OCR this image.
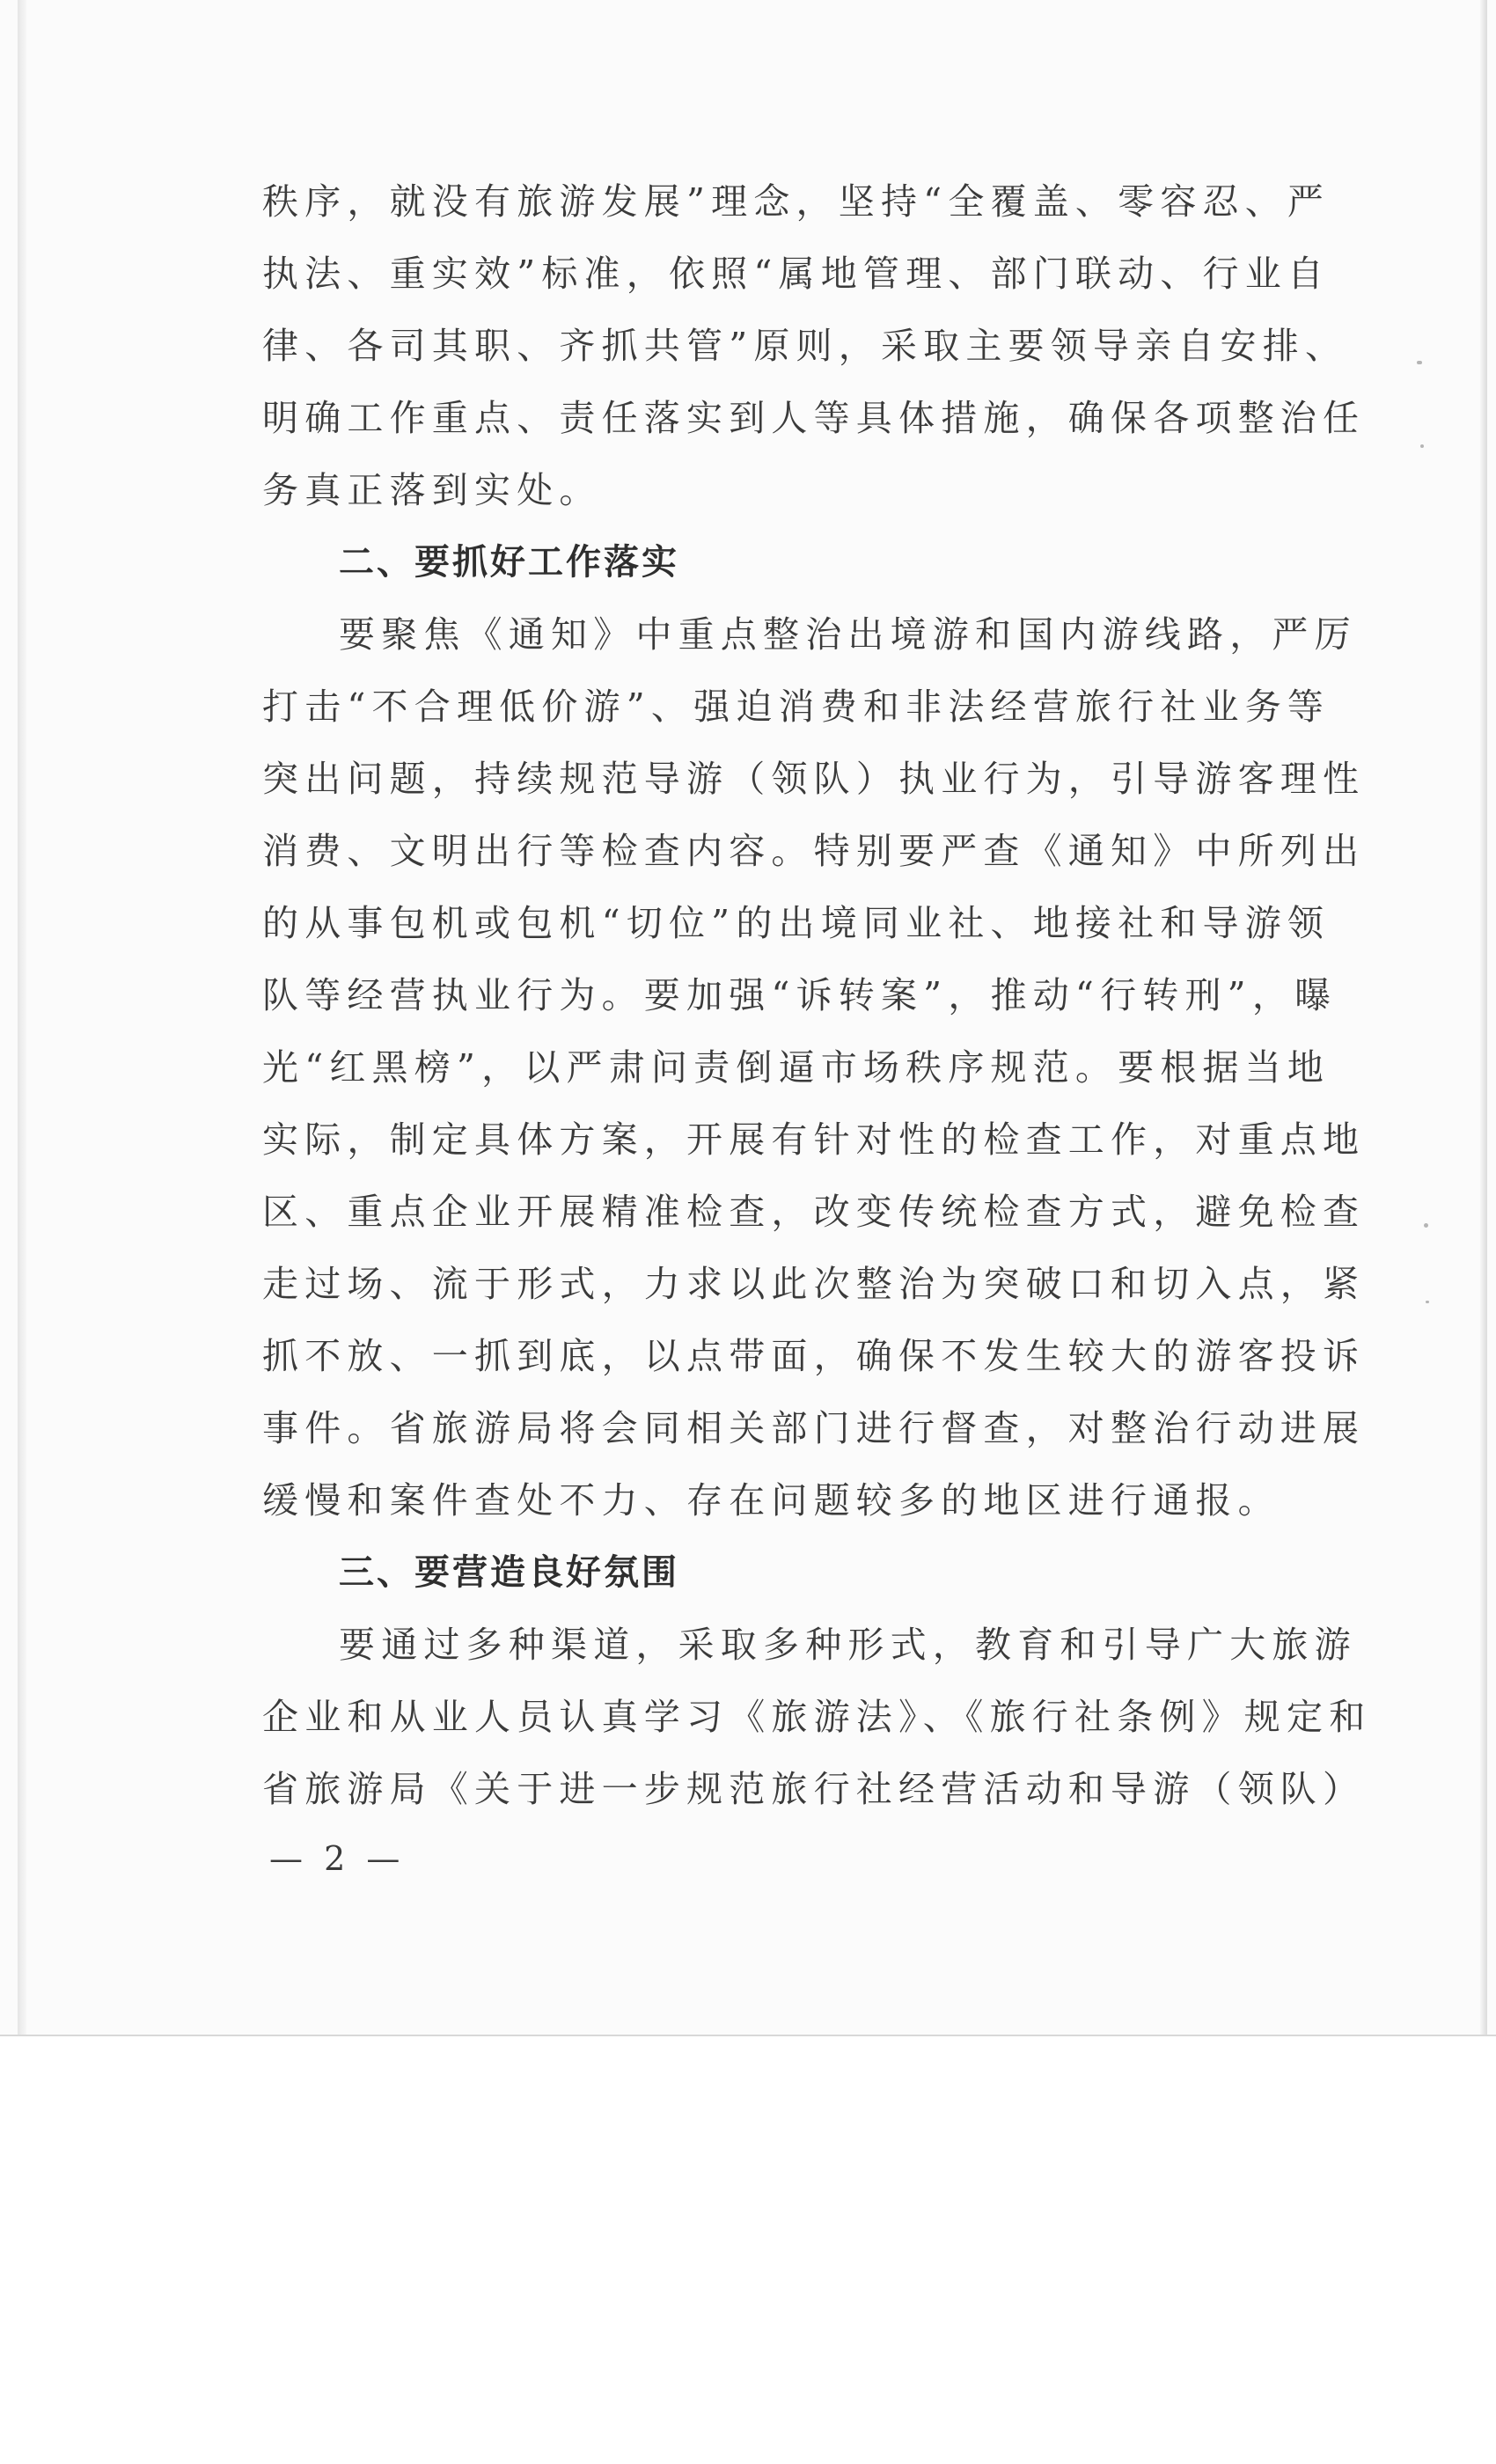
秩序，就没有旅游发展”理念，坚持“全覆盖、零容忍、严
执法、重实效”标准，依照“属地管理、部门联动、行业自
律、各司其职、齐抓共管”原则，采取主要领导亲自安排、
明确工作重点、责任落实到人等具体措施，确保各项整治任
务真正落到实处。
二、要抓好工作落实
要聚焦《通知》中重点整治出境游和国内游线路，严厉
打击“不合理低价游”、强迫消费和非法经营旅行社业务等
突出问题，持续规范导游（领队）执业行为，引导游客理性
消费、文明出行等检查内容。特别要严查《通知》中所列出
的从事包机或包机“切位”的出境同业社、地接社和导游领
队等经营执业行为。要加强“诉转案”，推动“行转刑”，曝
光“红黑榜”，以严肃问责倒逼市场秩序规范。要根据当地
实际，制定具体方案，开展有针对性的检查工作，对重点地
区、重点企业开展精准检查，改变传统检查方式，避免检查
走过场、流于形式，力求以此次整治为突破口和切入点，紧
抓不放、一抓到底，以点带面，确保不发生较大的游客投诉
事件。省旅游局将会同相关部门进行督查，对整治行动进展
缓慢和案件查处不力、存在问题较多的地区进行通报。
三、要营造良好氛围
要通过多种渠道，采取多种形式，教育和引导广大旅游
企业和从业人员认真学习《旅游法》、《旅行社条例》规定和
省旅游局《关于进一步规范旅行社经营活动和导游（领队）
— 2 —
